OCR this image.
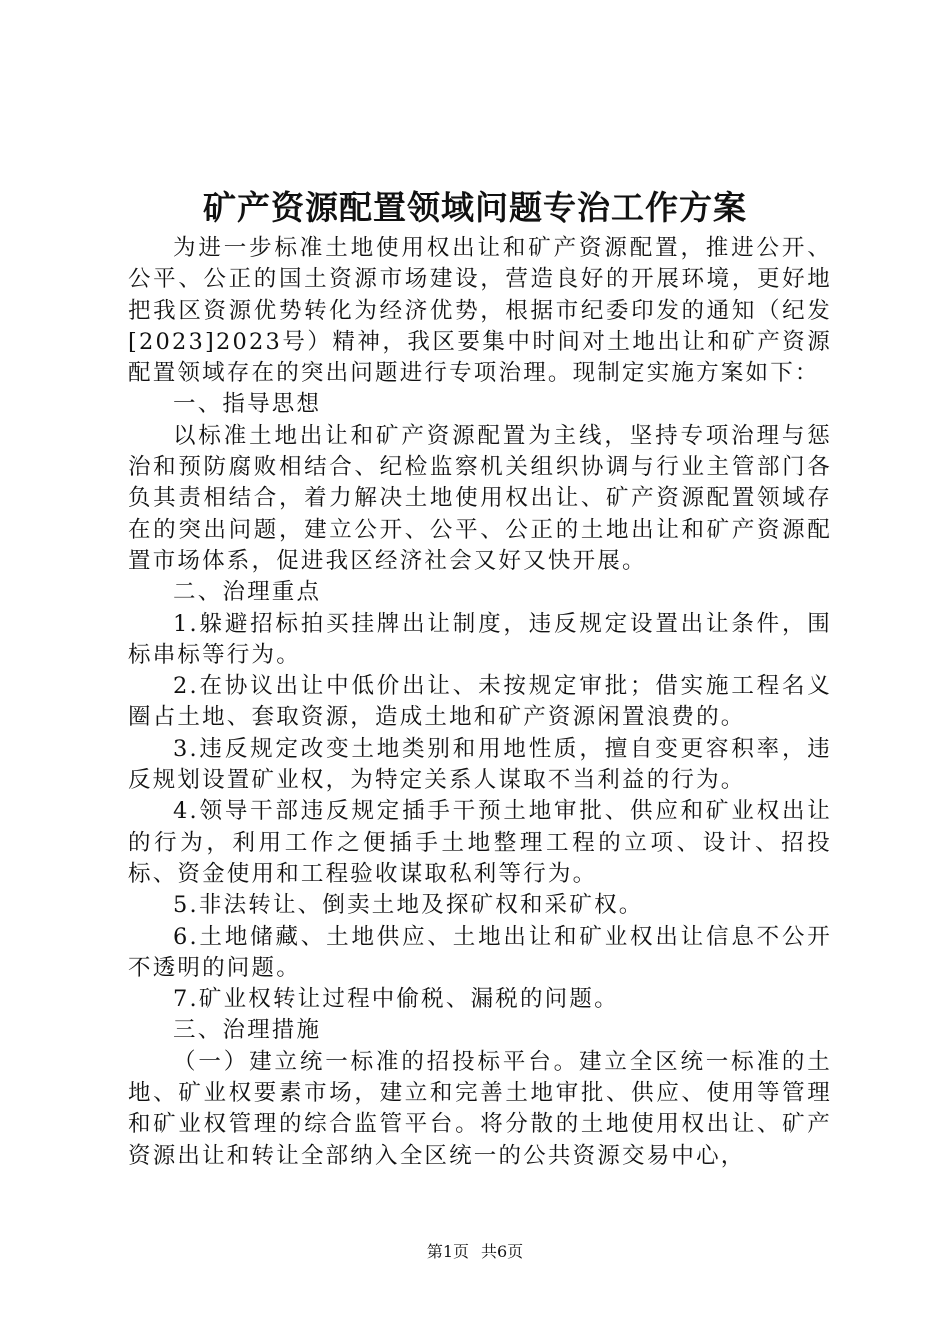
矿产资源配置领域问题专治工作方案

为进一步标准土地使用权出让和矿产资源配置，推进公开、公平、公正的国土资源市场建设，营造良好的开展环境，更好地把我区资源优势转化为经济优势，根据市纪委印发的通知（纪发[2023]2023号）精神，我区要集中时间对土地出让和矿产资源配置领域存在的突出问题进行专项治理。现制定实施方案如下：

一、指导思想

以标准土地出让和矿产资源配置为主线，坚持专项治理与惩治和预防腐败相结合、纪检监察机关组织协调与行业主管部门各负其责相结合，着力解决土地使用权出让、矿产资源配置领域存在的突出问题，建立公开、公平、公正的土地出让和矿产资源配置市场体系，促进我区经济社会又好又快开展。

二、治理重点

1.躲避招标拍买挂牌出让制度，违反规定设置出让条件，围标串标等行为。

2.在协议出让中低价出让、未按规定审批；借实施工程名义圈占土地、套取资源，造成土地和矿产资源闲置浪费的。

3.违反规定改变土地类别和用地性质，擅自变更容积率，违反规划设置矿业权，为特定关系人谋取不当利益的行为。

4.领导干部违反规定插手干预土地审批、供应和矿业权出让的行为，利用工作之便插手土地整理工程的立项、设计、招投标、资金使用和工程验收谋取私利等行为。

5.非法转让、倒卖土地及探矿权和采矿权。

6.土地储藏、土地供应、土地出让和矿业权出让信息不公开不透明的问题。

7.矿业权转让过程中偷税、漏税的问题。

三、治理措施

（一）建立统一标准的招投标平台。建立全区统一标准的土地、矿业权要素市场，建立和完善土地审批、供应、使用等管理和矿业权管理的综合监管平台。将分散的土地使用权出让、矿产资源出让和转让全部纳入全区统一的公共资源交易中心，

第1页 共6页
